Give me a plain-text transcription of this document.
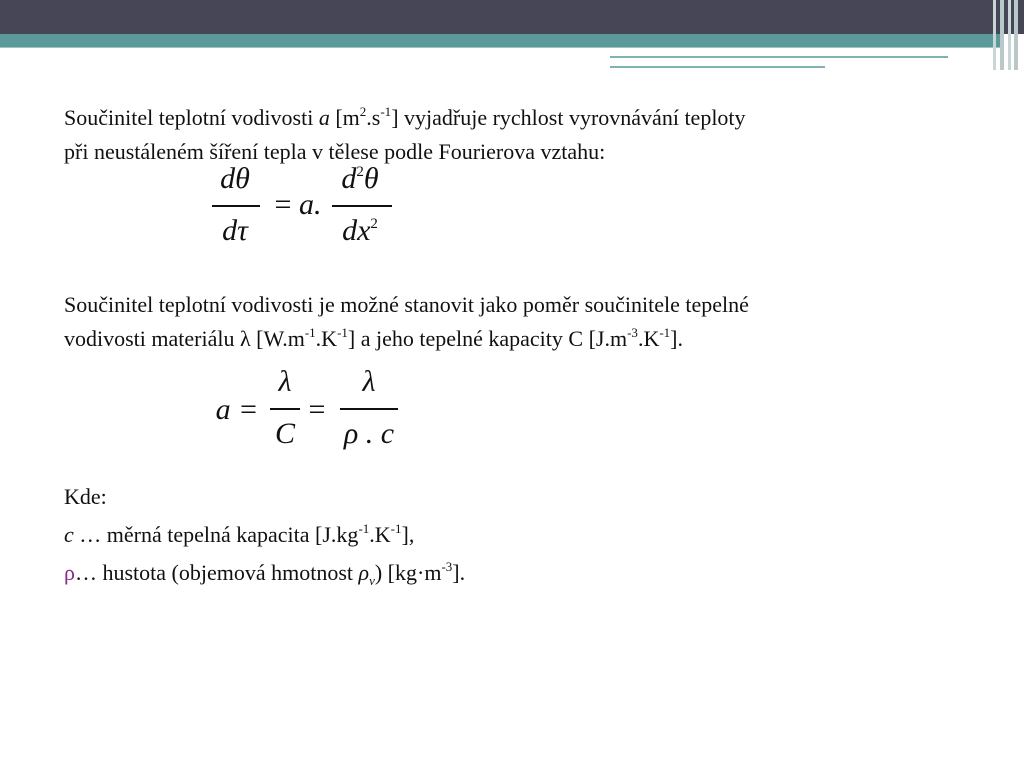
Součinitel teplotní vodivosti a $[m^2.s^{-1}]$ vyjadřuje rychlost vyrovnávání teploty
při neustáleném šíření tepla v tělese podle Fourierova vztahu:
dθ
dτ
= a.
$d^2\theta$
$dx^2$
Součinitel teplotní vodivosti je možné stanovit jako poměr součinitele tepelné
vodivosti materiálu λ $[W.m^{-1}.K^{-1}]$ a jeho tepelné kapacity C $[J.m^{-3}.K^{-1}]$.
a =
λ
C
=
λ
ρ . c
Kde:
c … měrná tepelná kapacita $[J.kg^{-1}.K^{-1}]$,
ρ… hustota (objemová hmotnost $\rho_v$) $[kg\cdot m^{-3}]$.
